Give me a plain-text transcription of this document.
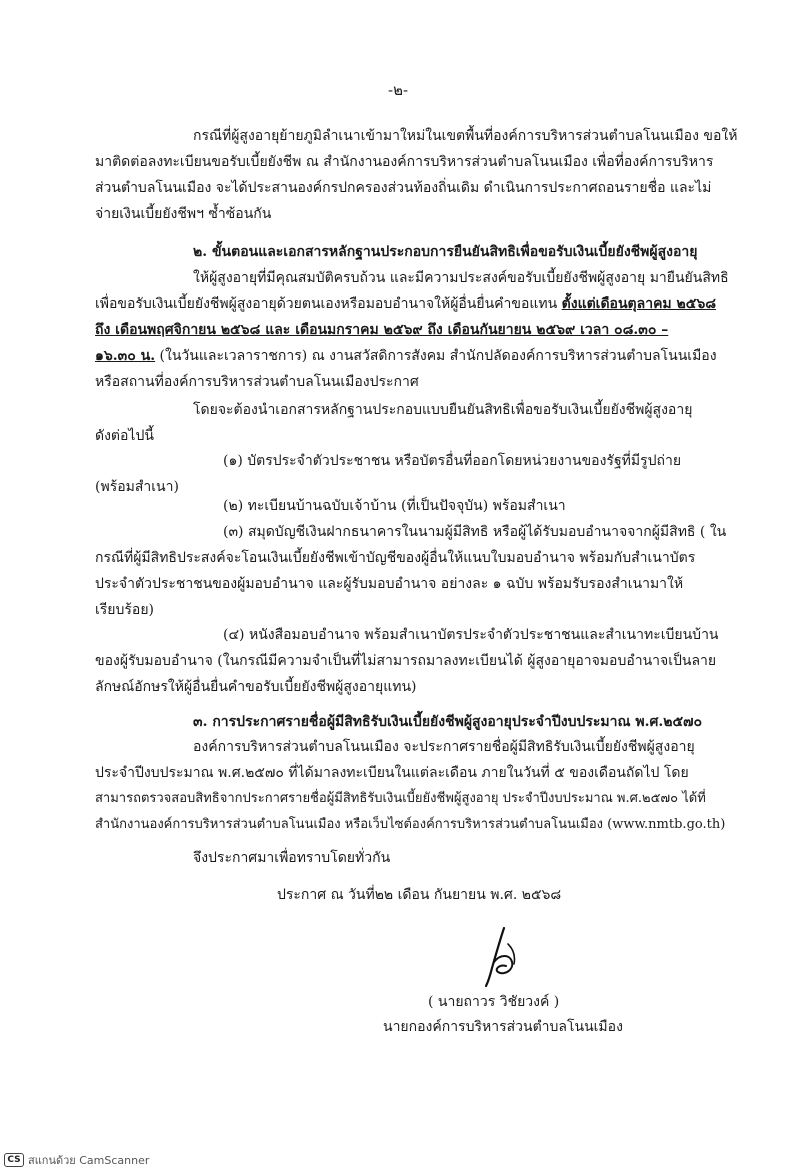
-๒-
กรณีที่ผู้สูงอายุย้ายภูมิลำเนาเข้ามาใหม่ในเขตพื้นที่องค์การบริหารส่วนตำบลโนนเมือง ขอให้
มาติดต่อลงทะเบียนขอรับเบี้ยยังชีพ ณ สำนักงานองค์การบริหารส่วนตำบลโนนเมือง เพื่อที่องค์การบริหาร
ส่วนตำบลโนนเมือง จะได้ประสานองค์กรปกครองส่วนท้องถิ่นเดิม ดำเนินการประกาศถอนรายชื่อ และไม่
จ่ายเงินเบี้ยยังชีพฯ ซ้ำซ้อนกัน
๒. ขั้นตอนและเอกสารหลักฐานประกอบการยืนยันสิทธิเพื่อขอรับเงินเบี้ยยังชีพผู้สูงอายุ
ให้ผู้สูงอายุที่มีคุณสมบัติครบถ้วน และมีความประสงค์ขอรับเบี้ยยังชีพผู้สูงอายุ มายืนยันสิทธิ
เพื่อขอรับเงินเบี้ยยังชีพผู้สูงอายุด้วยตนเองหรือมอบอำนาจให้ผู้อื่นยื่นคำขอแทน ตั้งแต่เดือนตุลาคม ๒๕๖๘
ถึง เดือนพฤศจิกายน ๒๕๖๘ และ เดือนมกราคม ๒๕๖๙ ถึง เดือนกันยายน ๒๕๖๙ เวลา ๐๘.๓๐ –
๑๖.๓๐ น. (ในวันและเวลาราชการ) ณ งานสวัสดิการสังคม สำนักปลัดองค์การบริหารส่วนตำบลโนนเมือง
หรือสถานที่องค์การบริหารส่วนตำบลโนนเมืองประกาศ
โดยจะต้องนำเอกสารหลักฐานประกอบแบบยืนยันสิทธิเพื่อขอรับเงินเบี้ยยังชีพผู้สูงอายุ
ดังต่อไปนี้
(๑) บัตรประจำตัวประชาชน หรือบัตรอื่นที่ออกโดยหน่วยงานของรัฐที่มีรูปถ่าย
(พร้อมสำเนา)
(๒) ทะเบียนบ้านฉบับเจ้าบ้าน (ที่เป็นปัจจุบัน) พร้อมสำเนา
(๓) สมุดบัญชีเงินฝากธนาคารในนามผู้มีสิทธิ หรือผู้ได้รับมอบอำนาจจากผู้มีสิทธิ ( ใน
กรณีที่ผู้มีสิทธิประสงค์จะโอนเงินเบี้ยยังชีพเข้าบัญชีของผู้อื่นให้แนบใบมอบอำนาจ พร้อมกับสำเนาบัตร
ประจำตัวประชาชนของผู้มอบอำนาจ และผู้รับมอบอำนาจ อย่างละ ๑ ฉบับ พร้อมรับรองสำเนามาให้
เรียบร้อย)
(๔) หนังสือมอบอำนาจ พร้อมสำเนาบัตรประจำตัวประชาชนและสำเนาทะเบียนบ้าน
ของผู้รับมอบอำนาจ (ในกรณีมีความจำเป็นที่ไม่สามารถมาลงทะเบียนได้ ผู้สูงอายุอาจมอบอำนาจเป็นลาย
ลักษณ์อักษรให้ผู้อื่นยื่นคำขอรับเบี้ยยังชีพผู้สูงอายุแทน)
๓. การประกาศรายชื่อผู้มีสิทธิรับเงินเบี้ยยังชีพผู้สูงอายุประจำปีงบประมาณ พ.ศ.๒๕๗๐
องค์การบริหารส่วนตำบลโนนเมือง จะประกาศรายชื่อผู้มีสิทธิรับเงินเบี้ยยังชีพผู้สูงอายุ
ประจำปีงบประมาณ พ.ศ.๒๕๗๐ ที่ได้มาลงทะเบียนในแต่ละเดือน ภายในวันที่ ๕ ของเดือนถัดไป โดย
สามารถตรวจสอบสิทธิจากประกาศรายชื่อผู้มีสิทธิรับเงินเบี้ยยังชีพผู้สูงอายุ ประจำปีงบประมาณ พ.ศ.๒๕๗๐ ได้ที่
สำนักงานองค์การบริหารส่วนตำบลโนนเมือง หรือเว็บไซต์องค์การบริหารส่วนตำบลโนนเมือง (www.nmtb.go.th)
จึงประกาศมาเพื่อทราบโดยทั่วกัน
ประกาศ ณ วันที่๒๒ เดือน กันยายน พ.ศ. ๒๕๖๘
( นายถาวร วิชัยวงค์ )
นายกองค์การบริหารส่วนตำบลโนนเมือง
CS สแกนด้วย CamScanner
